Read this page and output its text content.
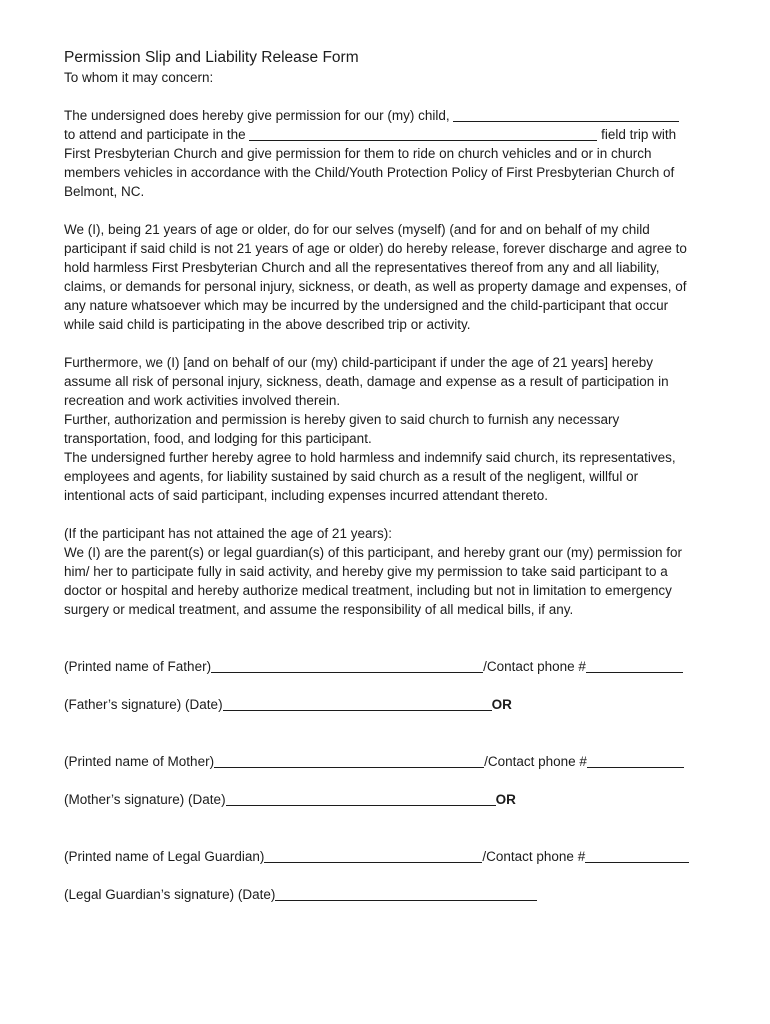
Permission Slip and Liability Release Form

To whom it may concern:

The undersigned does hereby give permission for our (my) child,

to attend and participate in the	field trip with

First Presbyterian Church and give permission for them to ride on church vehicles and or in church

members vehicles in accordance with the Child/Youth Protection Policy of First Presbyterian Church of

Belmont, NC.

We (I), being 21 years of age or older, do for our selves (myself) (and for and on behalf of my child

participant if said child is not 21 years of age or older) do hereby release, forever discharge and agree to

hold harmless First Presbyterian Church and all the representatives thereof from any and all liability,

claims, or demands for personal injury, sickness, or death, as well as property damage and expenses, of

any nature whatsoever which may be incurred by the undersigned and the child-participant that occur

while said child is participating in the above described trip or activity.

Furthermore, we (I) [and on behalf of our (my) child-participant if under the age of 21 years] hereby

assume all risk of personal injury, sickness, death, damage and expense as a result of participation in

recreation and work activities involved therein.

Further, authorization and permission is hereby given to said church to furnish any necessary

transportation, food, and lodging for this participant.

The undersigned further hereby agree to hold harmless and indemnify said church, its representatives,

employees and agents, for liability sustained by said church as a result of the negligent, willful or

intentional acts of said participant, including expenses incurred attendant thereto.

(If the participant has not attained the age of 21 years):

We (I) are the parent(s) or legal guardian(s) of this participant, and hereby grant our (my) permission for

him/ her to participate fully in said activity, and hereby give my permission to take said participant to a

doctor or hospital and hereby authorize medical treatment, including but not in limitation to emergency

surgery or medical treatment, and assume the responsibility of all medical bills, if any.

(Printed name of Father)	/Contact phone #

(Father’s signature) (Date)	OR

(Printed name of Mother)	/Contact phone #

(Mother’s signature) (Date)	OR

(Printed name of Legal Guardian)	/Contact phone #

(Legal Guardian’s signature) (Date)
